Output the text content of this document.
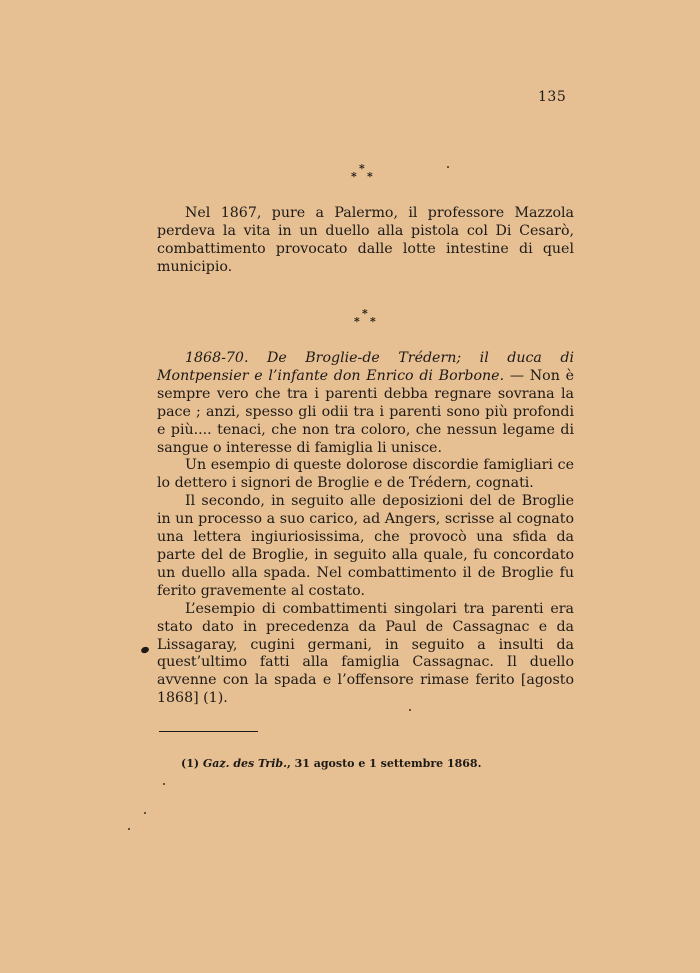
135
*
* *

Nel 1867, pure a Palermo, il professore Mazzola perdeva la vita in un duello alla pistola col Di Cesarò, combattimento provocato dalle lotte intestine di quel municipio.

*
* *

1868-70. De Broglie-de Trédern; il duca di Montpensier e l’infante don Enrico di Borbone. — Non è sempre vero che tra i parenti debba regnare sovrana la pace ; anzi, spesso gli odii tra i parenti sono più profondi e più.... tenaci, che non tra coloro, che nessun legame di sangue o interesse di famiglia li unisce.

Un esempio di queste dolorose discordie famigliari ce lo dettero i signori de Broglie e de Trédern, cognati.

Il secondo, in seguito alle deposizioni del de Broglie in un processo a suo carico, ad Angers, scrisse al cognato una lettera ingiuriosissima, che provocò una sfida da parte del de Broglie, in seguito alla quale, fu concordato un duello alla spada. Nel combattimento il de Broglie fu ferito gravemente al costato.

L’esempio di combattimenti singolari tra parenti era stato dato in precedenza da Paul de Cassagnac e da Lissagaray, cugini germani, in seguito a insulti da quest’ultimo fatti alla famiglia Cassagnac. Il duello avvenne con la spada e l’offensore rimase ferito [agosto 1868] (1).

(1) Gaz. des Trib., 31 agosto e 1 settembre 1868.
